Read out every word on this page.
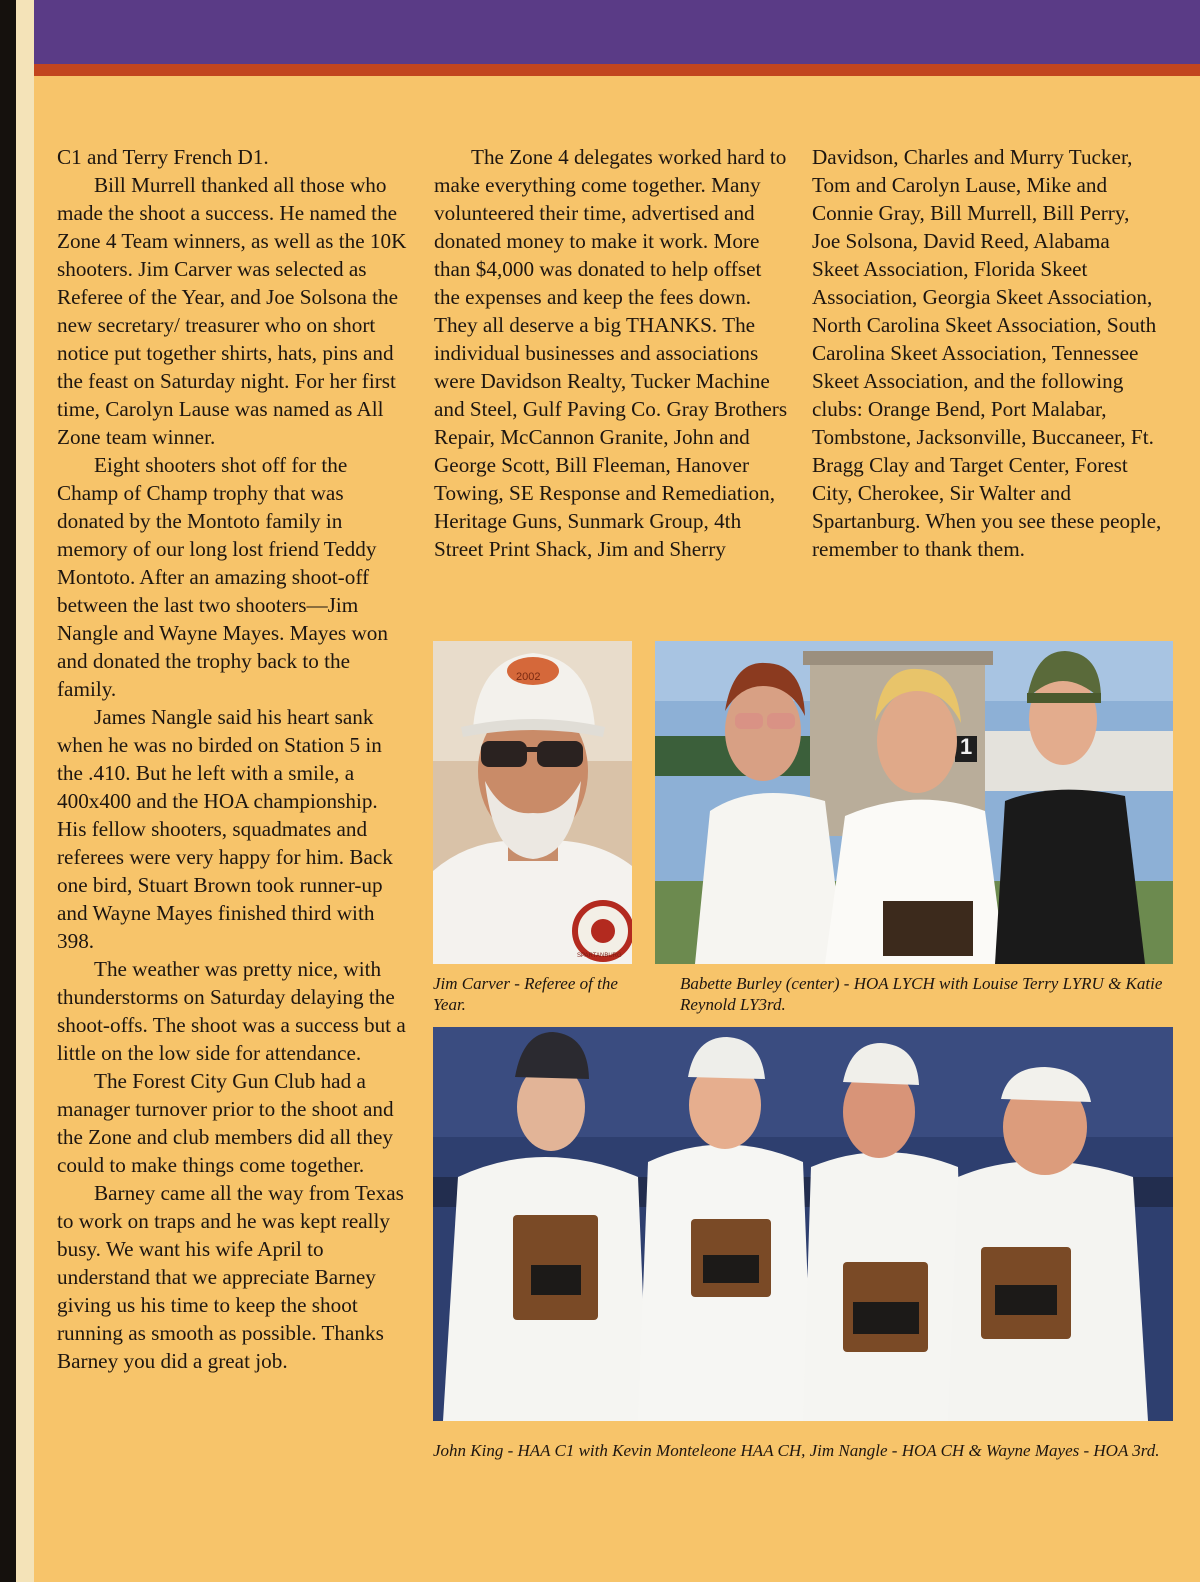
C1 and Terry French D1.

Bill Murrell thanked all those who made the shoot a success. He named the Zone 4 Team winners, as well as the 10K shooters. Jim Carver was selected as Referee of the Year, and Joe Solsona the new secretary/ treasurer who on short notice put together shirts, hats, pins and the feast on Saturday night. For her first time, Carolyn Lause was named as All Zone team winner.

Eight shooters shot off for the Champ of Champ trophy that was donated by the Montoto family in memory of our long lost friend Teddy Montoto. After an amazing shoot-off between the last two shooters—Jim Nangle and Wayne Mayes. Mayes won and donated the trophy back to the family.

James Nangle said his heart sank when he was no birded on Station 5 in the .410. But he left with a smile, a 400x400 and the HOA championship. His fellow shooters, squadmates and referees were very happy for him. Back one bird, Stuart Brown took runner-up and Wayne Mayes finished third with 398.

The weather was pretty nice, with thunderstorms on Saturday delaying the shoot-offs. The shoot was a success but a little on the low side for attendance.

The Forest City Gun Club had a manager turnover prior to the shoot and the Zone and club members did all they could to make things come together.

Barney came all the way from Texas to work on traps and he was kept really busy. We want his wife April to understand that we appreciate Barney giving us his time to keep the shoot running as smooth as possible. Thanks Barney you did a great job.

The Zone 4 delegates worked hard to make everything come together. Many volunteered their time, advertised and donated money to make it work. More than $4,000 was donated to help offset the expenses and keep the fees down. They all deserve a big THANKS. The individual businesses and associations were Davidson Realty, Tucker Machine and Steel, Gulf Paving Co. Gray Brothers Repair, McCannon Granite, John and George Scott, Bill Fleeman, Hanover Towing, SE Response and Remediation, Heritage Guns, Sunmark Group, 4th Street Print Shack, Jim and Sherry

Davidson, Charles and Murry Tucker, Tom and Carolyn Lause, Mike and Connie Gray, Bill Murrell, Bill Perry, Joe Solsona, David Reed, Alabama Skeet Association, Florida Skeet Association, Georgia Skeet Association, North Carolina Skeet Association, South Carolina Skeet Association, Tennessee Skeet Association, and the following clubs: Orange Bend, Port Malabar, Tombstone, Jacksonville, Buccaneer, Ft. Bragg Clay and Target Center, Forest City, Cherokee, Sir Walter and Spartanburg. When you see these people, remember to thank them.

2002
SPARTANBURG
1
Jim Carver - Referee of the Year.
Babette Burley (center) - HOA LYCH with Louise Terry LYRU & Katie Reynold LY3rd.
John King - HAA C1 with Kevin Monteleone HAA CH, Jim Nangle - HOA CH & Wayne Mayes - HOA 3rd.
